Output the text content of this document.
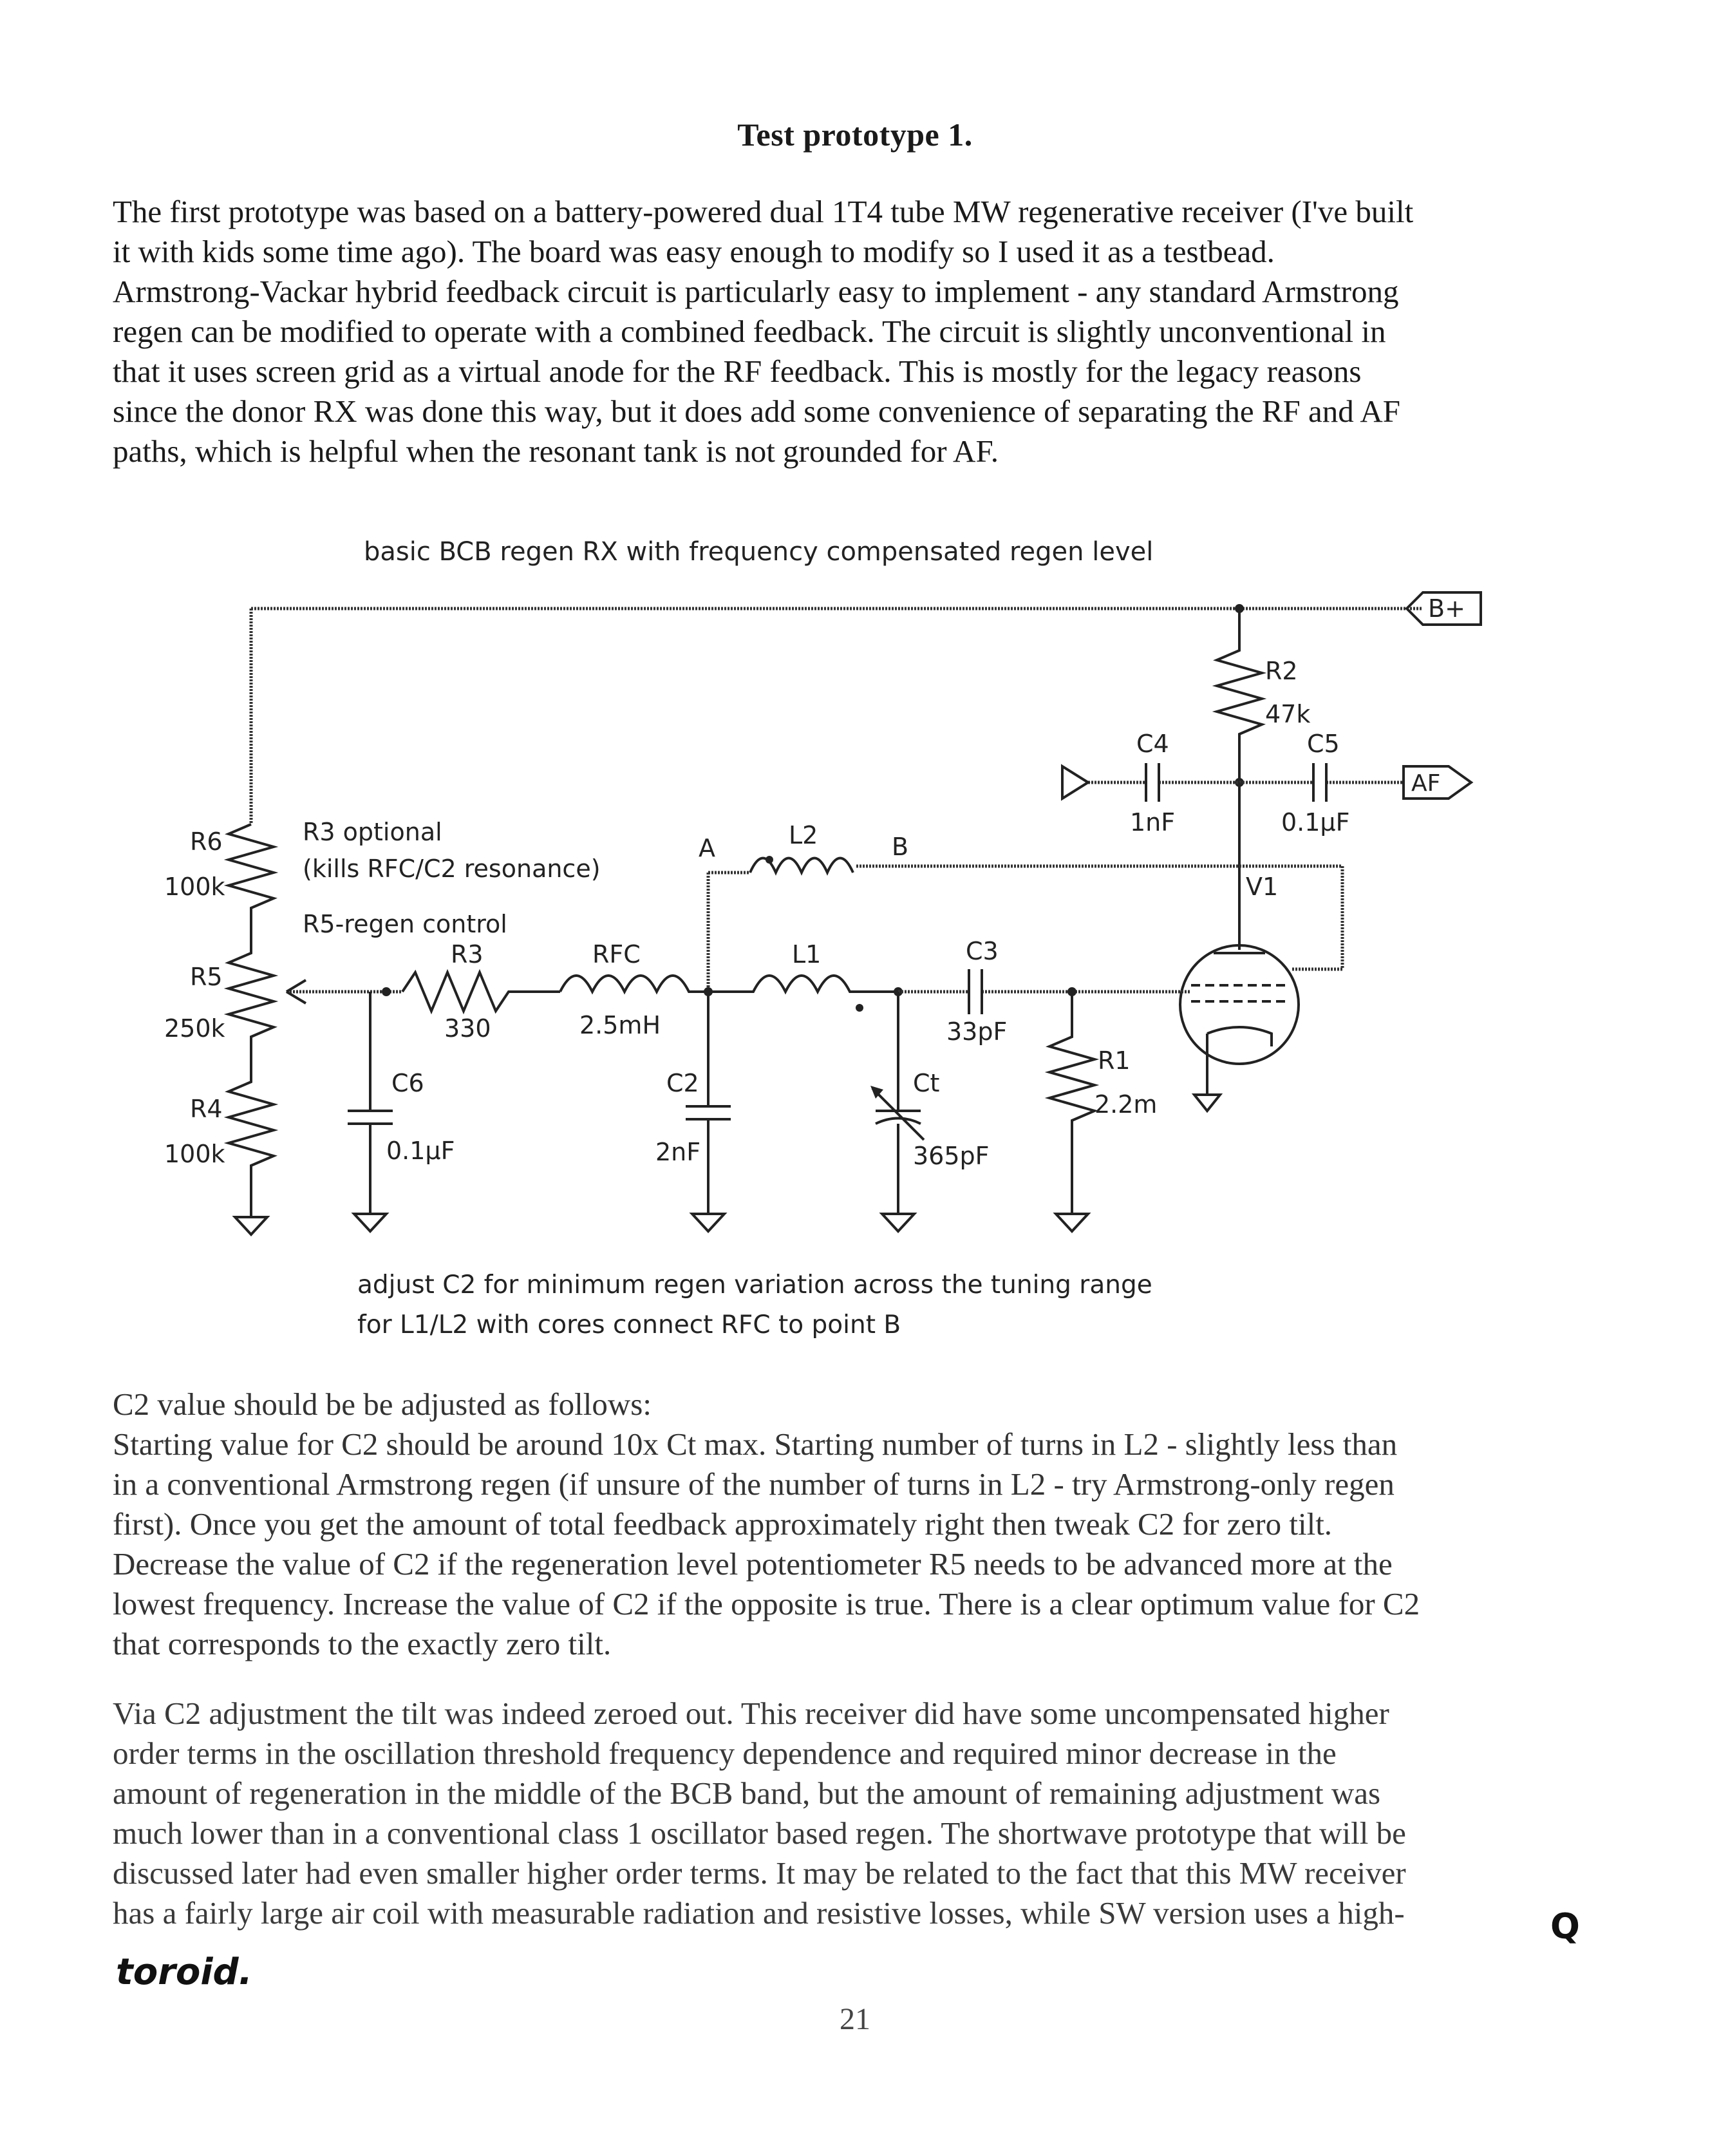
Test prototype 1.
The first prototype was based on a battery-powered dual 1T4 tube MW regenerative receiver (I've built
it with kids some time ago). The board was easy enough to modify so I used it as a testbead.
Armstrong-Vackar hybrid feedback circuit is particularly easy to implement - any standard Armstrong
regen can be modified to operate with a combined feedback. The circuit is slightly unconventional in
that it uses screen grid as a virtual anode for the RF feedback. This is mostly for the legacy reasons
since the donor RX was done this way, but it does add some convenience of separating the RF and AF
paths, which is helpful when the resonant tank is not grounded for AF.
basic BCB regen RX with frequency compensated regen level
R3 optional
(kills RFC/C2 resonance)
R5-regen control
adjust C2 for minimum regen variation across the tuning range
for L1/L2 with cores connect RFC to point B
B+
R2
47k
C4
1nF
C5
0.1μF
AF
V1
L2	B
A
R3
330
RFC
2.5mH
L1	C3
33pF
R1
2.2m
Ct
365pF
C2
2nF
C6
0.1μF
R6
100k
R5
250k
R4
100k
C2 value should be be adjusted as follows:
Starting value for C2 should be around 10x Ct max. Starting number of turns in L2 - slightly less than
in a conventional Armstrong regen (if unsure of the number of turns in L2 - try Armstrong-only regen
first). Once you get the amount of total feedback approximately right then tweak C2 for zero tilt.
Decrease the value of C2 if the regeneration level potentiometer R5 needs to be advanced more at the
lowest frequency. Increase the value of C2 if the opposite is true. There is a clear optimum value for C2
that corresponds to the exactly zero tilt.
Via C2 adjustment the tilt was indeed zeroed out. This receiver did have some uncompensated higher
order terms in the oscillation threshold frequency dependence and required minor decrease in the
amount of regeneration in the middle of the BCB band, but the amount of remaining adjustment was
much lower than in a conventional class 1 oscillator based regen. The shortwave prototype that will be
discussed later had even smaller higher order terms. It may be related to the fact that this MW receiver
has a fairly large air coil with measurable radiation and resistive losses, while SW version uses a high-	Q
toroid.
21
